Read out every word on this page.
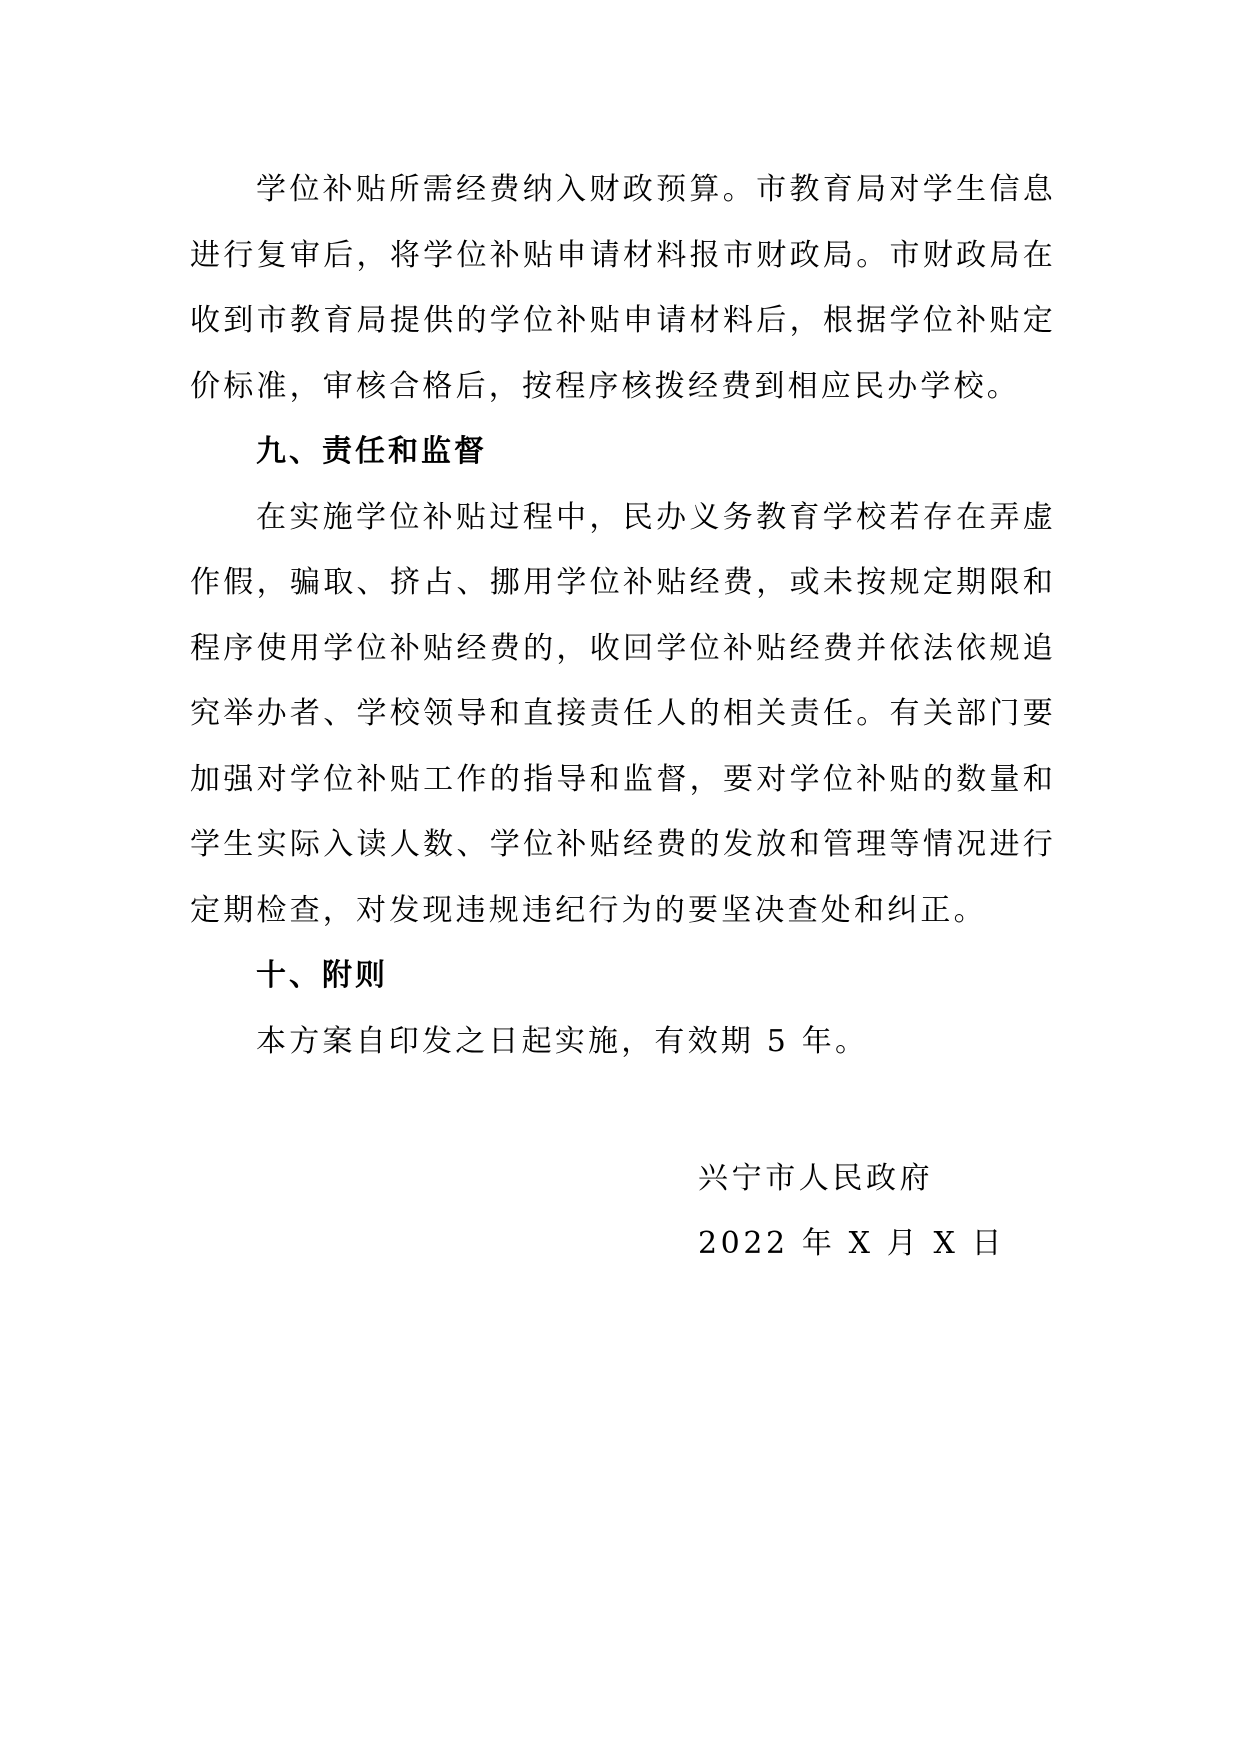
学位补贴所需经费纳入财政预算。市教育局对学生信息进行复审后，将学位补贴申请材料报市财政局。市财政局在收到市教育局提供的学位补贴申请材料后，根据学位补贴定价标准，审核合格后，按程序核拨经费到相应民办学校。

九、责任和监督

在实施学位补贴过程中，民办义务教育学校若存在弄虚作假，骗取、挤占、挪用学位补贴经费，或未按规定期限和程序使用学位补贴经费的，收回学位补贴经费并依法依规追究举办者、学校领导和直接责任人的相关责任。有关部门要加强对学位补贴工作的指导和监督，要对学位补贴的数量和学生实际入读人数、学位补贴经费的发放和管理等情况进行定期检查，对发现违规违纪行为的要坚决查处和纠正。

十、附则

本方案自印发之日起实施，有效期 5 年。

兴宁市人民政府

2022 年 X 月 X 日
